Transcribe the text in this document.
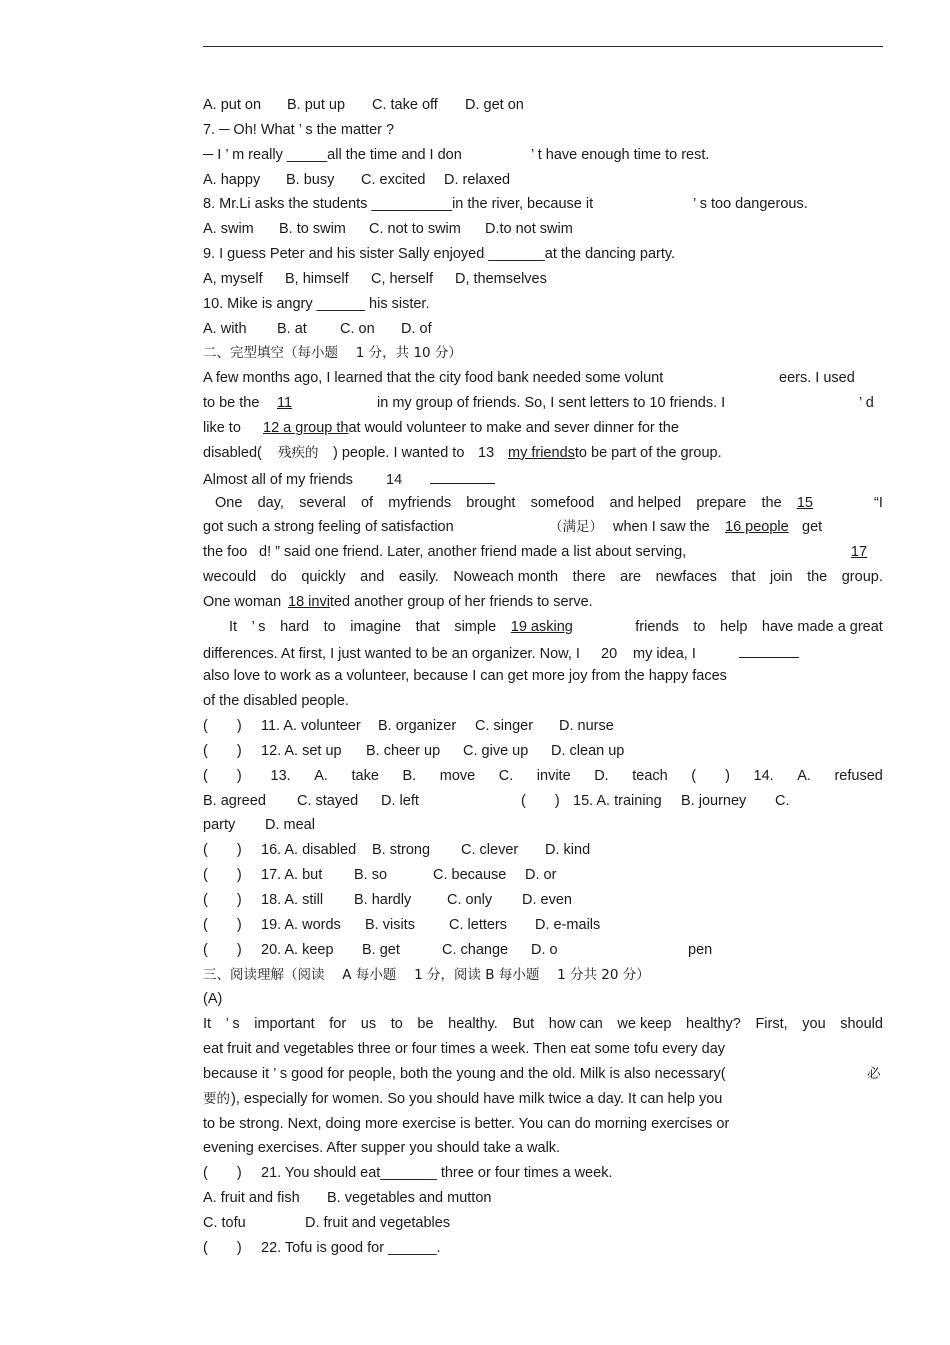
A. put on B. put up C. take off D. get on
7. ─ Oh! What ’ s the matter ?
─ I ’ m really _____all the time and I don	’ t have enough time to rest.
A. happy B. busy C. excited D. relaxed
8. Mr.Li asks the students __________in the river, because it	’ s too dangerous.
A. swim B. to swim C. not to swim D.to not swim
9. I guess Peter and his sister Sally enjoyed _______at the dancing party.
A, myself B, himself C, herself D, themselves
10. Mike is angry ______ his sister.
A. with B. at C. on D. of
二、完型填空（每小题 　1 分，共 10 分）
A few months ago, I learned that the city food bank needed some volunt	eers. I used
to be the 11	in my group of friends. So, I sent letters to 10 friends. I	’ d
like to 12 a group that would volunteer to make and sever dinner for the
disabled( 残疾的 ) people. I wanted to 13 my friendsto be part of the group.
Almost all of my friends 14
One day, several of myfriends brought somefood and helped prepare the 15	“I
got such a strong feeling of satisfaction	（满足） when I saw the 16 people get
the foo d! ” said one friend. Later, another friend made a list about serving,	17
wecould do quickly and easily. Noweach month there are newfaces that join the group.
One woman 18 invited another group of her friends to serve.
It ’ s hard to imagine that simple 19 asking	friends to help have made a great
differences. At first, I just wanted to be an organizer. Now, I 20 my idea, I
also love to work as a volunteer, because I can get more joy from the happy faces
of the disabled people.
(　　) 11. A. volunteer B. organizer C. singer D. nurse
(　　) 12. A. set up B. cheer up C. give up D. clean up
(　　)	13. A. take B. move C. invite D. teach (　　) 14. A. refused
B. agreed C. stayed D. left	(　　) 15. A. training B. journey C.
party D. meal
(　　) 16. A. disabled B. strong C. clever D. kind
(　　) 17. A. but B. so	C. because D. or
(　　) 18. A. still B. hardly C. only D. even
(　　) 19. A. words B. visits C. letters D. e-mails
(　　) 20. A. keep B. get	C. change D. o	pen
三、阅读理解（阅读 　A 每小题 　1 分，阅读 B 每小题 　1 分共 20 分）
(A)
It ’ s important for us to be healthy. But how can we keep healthy? First, you should
eat fruit and vegetables three or four times a week. Then eat some tofu every day
because it ’ s good for people, both the young and the old. Milk is also necessary(	必
要的), especially for women. So you should have milk twice a day. It can help you
to be strong. Next, doing more exercise is better. You can do morning exercises or
evening exercises. After supper you should take a walk.
(　　) 21. You should eat_______ three or four times a week.
A. fruit and fish B. vegetables and mutton
C. tofu	D. fruit and vegetables
(　　) 22. Tofu is good for ______.
